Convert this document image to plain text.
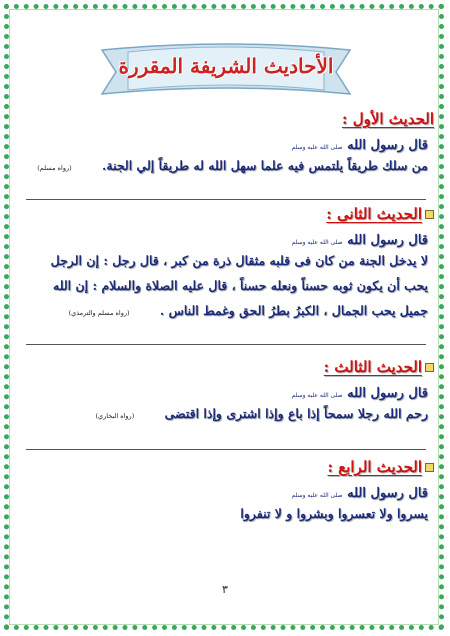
الأحاديث الشريفة المقررة
الحديث الأول :
قال رسول الله صلى الله عليه وسلم
من سلك طريقاً يلتمس فيه علما سهل الله له طريقاً إلي الجنة. (رواه مسلم)
الحديث الثانى :
قال رسول الله صلى الله عليه وسلم
لا يدخل الجنة من كان فى قلبه مثقال ذرة من كبر ، قال رجل : إن الرجل
يحب أن يكون ثوبه حسناً ونعله حسناً ، قال عليه الصلاة والسلام : إن الله
جميل يحب الجمال ، الكبرُ بطرُ الحق وغمط الناس . (رواه مسلم والترمذي)
الحديث الثالث :
قال رسول الله صلى الله عليه وسلم
رحم الله رجلا سمحاً إذا باع وإذا اشترى وإذا اقتضى (رواه البخاري)
الحديث الرابع :
قال رسول الله صلى الله عليه وسلم
يسروا ولا تعسروا وبشروا و لا تنفروا
٣
